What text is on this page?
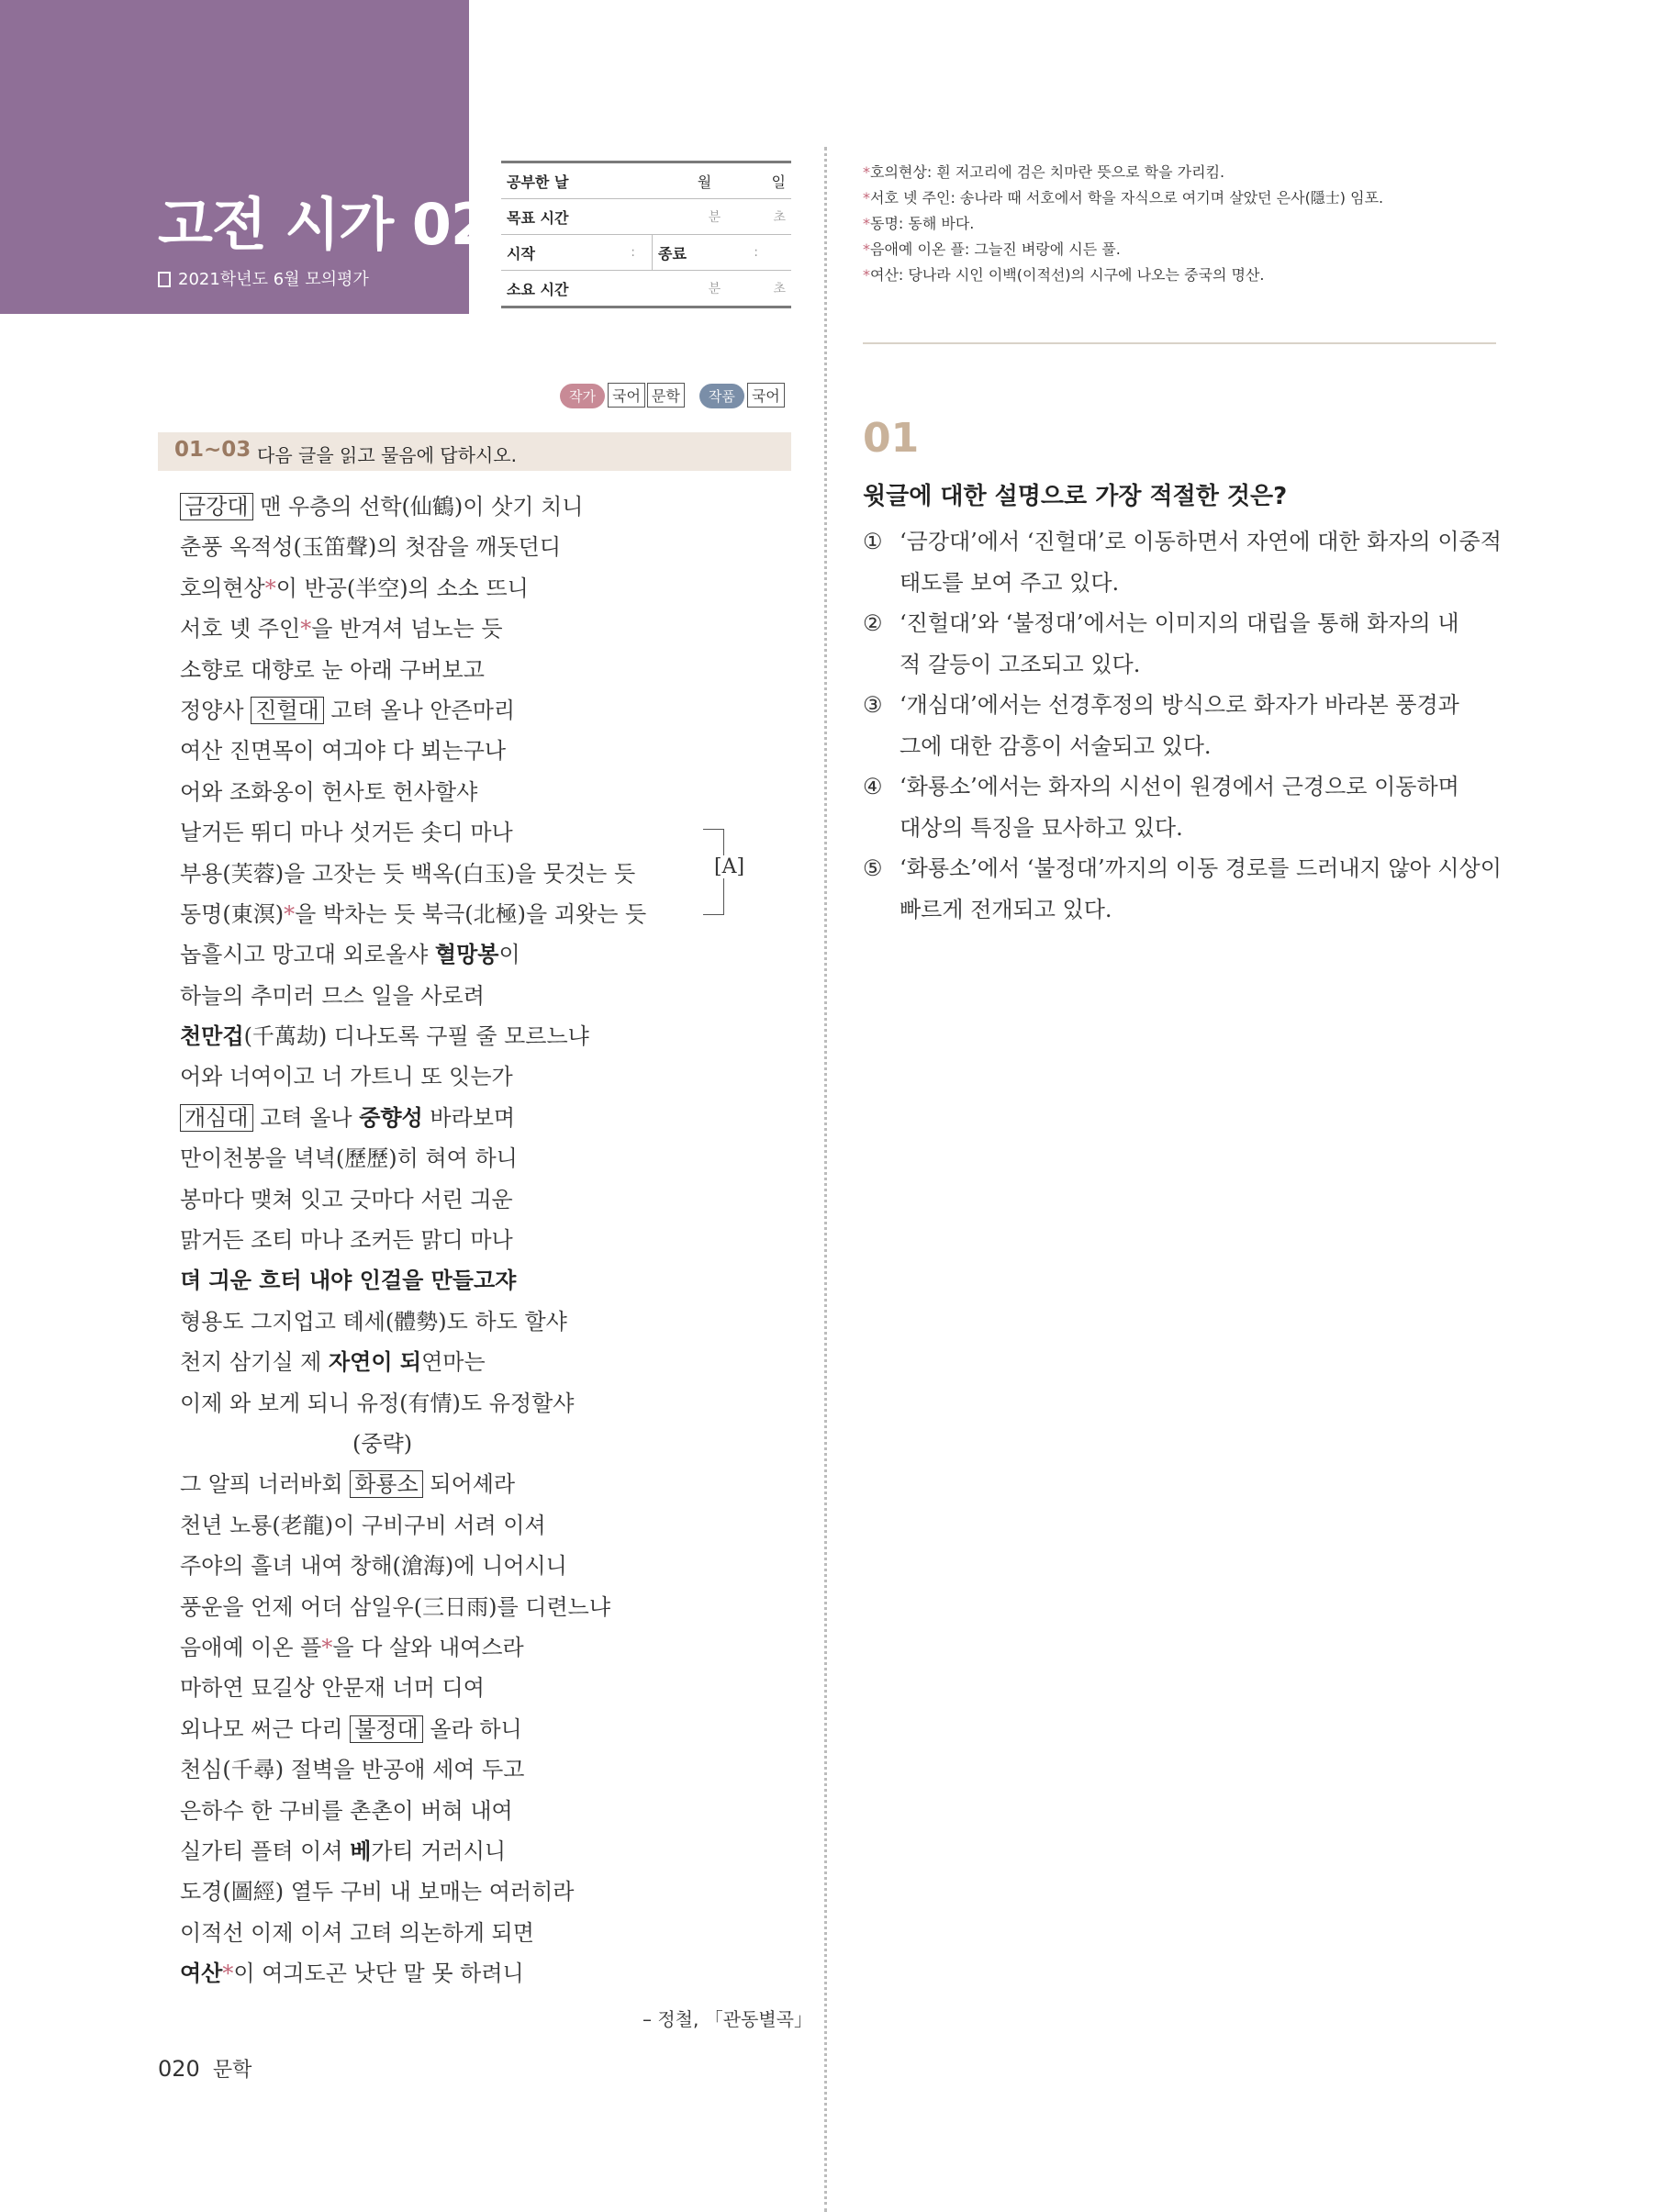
고전 시가 02
2021학년도 6월 모의평가
공부한 날		월	일
목표 시간		분	초
시작	:	종료	:
소요 시간		분	초
*호의현상: 흰 저고리에 검은 치마란 뜻으로 학을 가리킴.
*서호 넷 주인: 송나라 때 서호에서 학을 자식으로 여기며 살았던 은사(隱士) 임포.
*동명: 동해 바다.
*음애예 이온 플: 그늘진 벼랑에 시든 풀.
*여산: 당나라 시인 이백(이적선)의 시구에 나오는 중국의 명산.
작가 국어 문학 작품 국어
01~03 다음 글을 읽고 물음에 답하시오.
금강대 맨 우층의 선학(仙鶴)이 삿기 치니
춘풍 옥적성(玉笛聲)의 첫잠을 깨돗던디
호의현상*이 반공(半空)의 소소 뜨니
서호 녯 주인*을 반겨셔 넘노는 듯
소향로 대향로 눈 아래 구버보고
정양사 진헐대 고텨 올나 안즌마리
여산 진면목이 여긔야 다 뵈는구나
어와 조화옹이 헌사토 헌사할샤
날거든 뛰디 마나 섯거든 솟디 마나
부용(芙蓉)을 고잣는 듯 백옥(白玉)을 뭇것는 듯
동명(東溟)*을 박차는 듯 북극(北極)을 괴왓는 듯
놉흘시고 망고대 외로올샤 혈망봉이
하늘의 추미러 므스 일을 사로려
천만겁(千萬劫) 디나도록 구필 줄 모르느냐
어와 너여이고 너 가트니 또 잇는가
개심대 고텨 올나 중향성 바라보며
만이천봉을 녁녁(歷歷)히 혀여 하니
봉마다 맺쳐 잇고 긋마다 서린 긔운
맑거든 조티 마나 조커든 맑디 마나
뎌 긔운 흐터 내야 인걸을 만들고쟈
형용도 그지업고 톄세(體勢)도 하도 할샤
천지 삼기실 제 자연이 되연마는
이제 와 보게 되니 유정(有情)도 유정할샤
(중략)
그 알픠 너러바회 화룡소 되어셰라
천년 노룡(老龍)이 구비구비 서려 이셔
주야의 흘녀 내여 창해(滄海)에 니어시니
풍운을 언제 어더 삼일우(三日雨)를 디련느냐
음애예 이온 플*을 다 살와 내여스라
마하연 묘길상 안문재 너머 디여
외나모 써근 다리 불정대 올라 하니
천심(千尋) 절벽을 반공애 세여 두고
은하수 한 구비를 촌촌이 버혀 내여
실가티 플텨 이셔 베가티 거러시니
도경(圖經) 열두 구비 내 보매는 여러히라
이적선 이제 이셔 고텨 의논하게 되면
여산*이 여긔도곤 낫단 말 못 하려니
[A]
– 정철, 「관동별곡」
020 문학
01
윗글에 대한 설명으로 가장 적절한 것은?
① ‘금강대’에서 ‘진헐대’로 이동하면서 자연에 대한 화자의 이중적
태도를 보여 주고 있다.
② ‘진헐대’와 ‘불정대’에서는 이미지의 대립을 통해 화자의 내
적 갈등이 고조되고 있다.
③ ‘개심대’에서는 선경후정의 방식으로 화자가 바라본 풍경과
그에 대한 감흥이 서술되고 있다.
④ ‘화룡소’에서는 화자의 시선이 원경에서 근경으로 이동하며
대상의 특징을 묘사하고 있다.
⑤ ‘화룡소’에서 ‘불정대’까지의 이동 경로를 드러내지 않아 시상이
빠르게 전개되고 있다.
